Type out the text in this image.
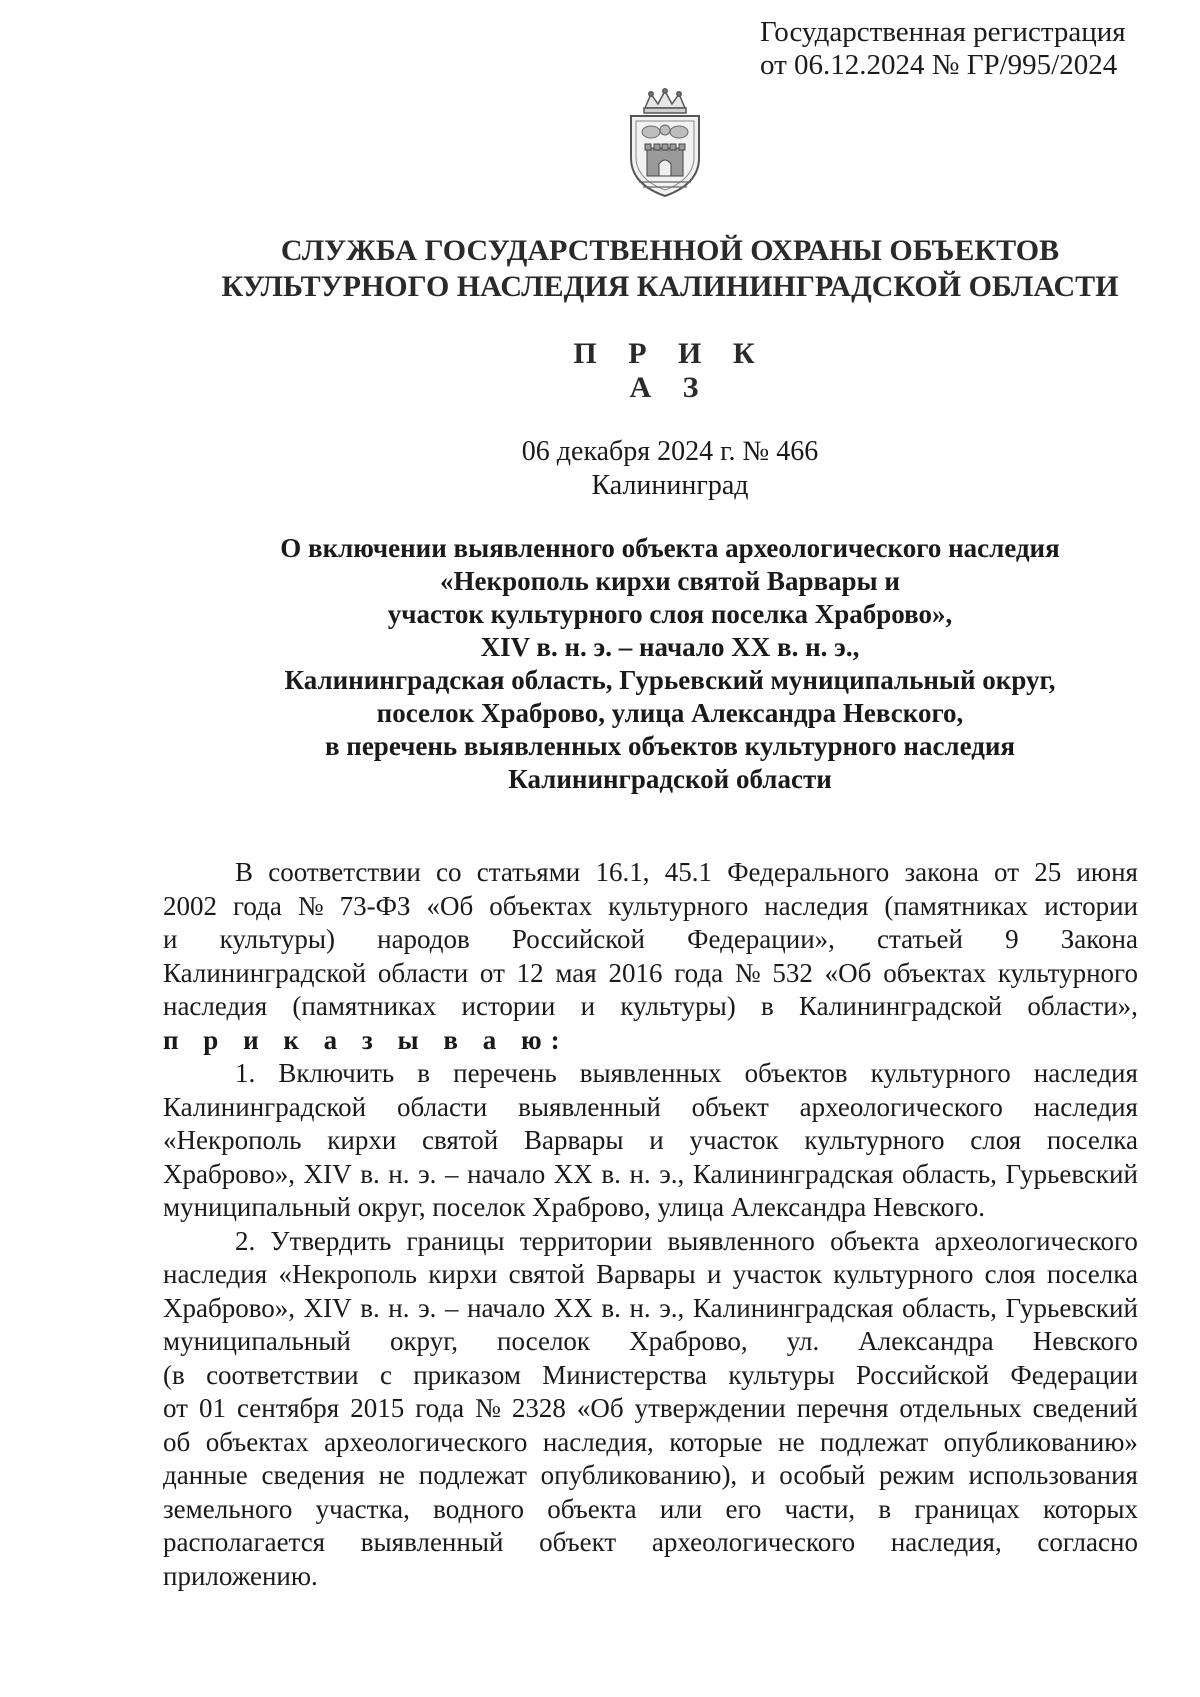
Государственная регистрация
от 06.12.2024 № ГР/995/2024
СЛУЖБА ГОСУДАРСТВЕННОЙ ОХРАНЫ ОБЪЕКТОВ
КУЛЬТУРНОГО НАСЛЕДИЯ КАЛИНИНГРАДСКОЙ ОБЛАСТИ
П Р И К А З
06 декабря 2024 г. № 466
Калининград
О включении выявленного объекта археологического наследия
«Некрополь кирхи святой Варвары и
участок культурного слоя поселка Храброво»,
XIV в. н. э. – начало XX в. н. э.,
Калининградская область, Гурьевский муниципальный округ,
поселок Храброво, улица Александра Невского,
в перечень выявленных объектов культурного наследия
Калининградской области
В соответствии со статьями 16.1, 45.1 Федерального закона от 25 июня
2002 года № 73-ФЗ «Об объектах культурного наследия (памятниках истории
и культуры) народов Российской Федерации», статьей 9 Закона
Калининградской области от 12 мая 2016 года № 532 «Об объектах культурного
наследия (памятниках истории и культуры) в Калининградской области»,
п р и к а з ы в а ю:
1. Включить в перечень выявленных объектов культурного наследия
Калининградской области выявленный объект археологического наследия
«Некрополь кирхи святой Варвары и участок культурного слоя поселка
Храброво», XIV в. н. э. – начало XX в. н. э., Калининградская область, Гурьевский
муниципальный округ, поселок Храброво, улица Александра Невского.
2. Утвердить границы территории выявленного объекта археологического
наследия «Некрополь кирхи святой Варвары и участок культурного слоя поселка
Храброво», XIV в. н. э. – начало XX в. н. э., Калининградская область, Гурьевский
муниципальный округ, поселок Храброво, ул. Александра Невского
(в соответствии с приказом Министерства культуры Российской Федерации
от 01 сентября 2015 года № 2328 «Об утверждении перечня отдельных сведений
об объектах археологического наследия, которые не подлежат опубликованию»
данные сведения не подлежат опубликованию), и особый режим использования
земельного участка, водного объекта или его части, в границах которых
располагается выявленный объект археологического наследия, согласно
приложению.
